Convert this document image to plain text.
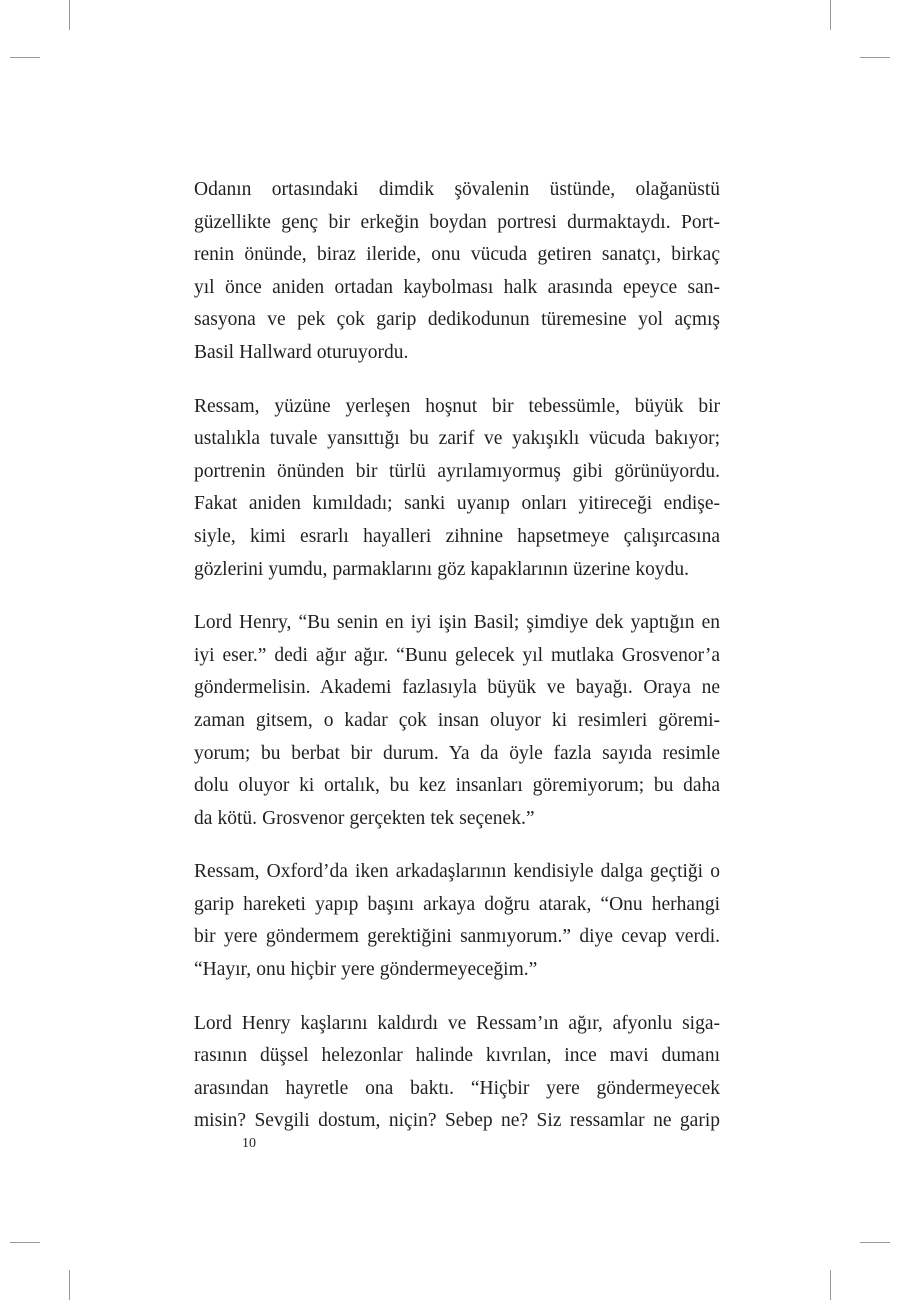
Odanın ortasındaki dimdik şövalenin üstünde, olağanüstü
güzellikte genç bir erkeğin boydan portresi durmaktaydı. Port-
renin önünde, biraz ileride, onu vücuda getiren sanatçı, birkaç
yıl önce aniden ortadan kaybolması halk arasında epeyce san-
sasyona ve pek çok garip dedikodunun türemesine yol açmış
Basil Hallward oturuyordu.

Ressam, yüzüne yerleşen hoşnut bir tebessümle, büyük bir
ustalıkla tuvale yansıttığı bu zarif ve yakışıklı vücuda bakıyor;
portrenin önünden bir türlü ayrılamıyormuş gibi görünüyordu.
Fakat aniden kımıldadı; sanki uyanıp onları yitireceği endişe-
siyle, kimi esrarlı hayalleri zihnine hapsetmeye çalışırcasına
gözlerini yumdu, parmaklarını göz kapaklarının üzerine koydu.

Lord Henry, “Bu senin en iyi işin Basil; şimdiye dek yaptığın en
iyi eser.” dedi ağır ağır. “Bunu gelecek yıl mutlaka Grosvenor’a
göndermelisin. Akademi fazlasıyla büyük ve bayağı. Oraya ne
zaman gitsem, o kadar çok insan oluyor ki resimleri göremi-
yorum; bu berbat bir durum. Ya da öyle fazla sayıda resimle
dolu oluyor ki ortalık, bu kez insanları göremiyorum; bu daha
da kötü. Grosvenor gerçekten tek seçenek.”

Ressam, Oxford’da iken arkadaşlarının kendisiyle dalga geçtiği o
garip hareketi yapıp başını arkaya doğru atarak, “Onu herhangi
bir yere göndermem gerektiğini sanmıyorum.” diye cevap verdi.
“Hayır, onu hiçbir yere göndermeyeceğim.”

Lord Henry kaşlarını kaldırdı ve Ressam’ın ağır, afyonlu siga-
rasının düşsel helezonlar halinde kıvrılan, ince mavi dumanı
arasından hayretle ona baktı. “Hiçbir yere göndermeyecek
misin? Sevgili dostum, niçin? Sebep ne? Siz ressamlar ne garip

10
